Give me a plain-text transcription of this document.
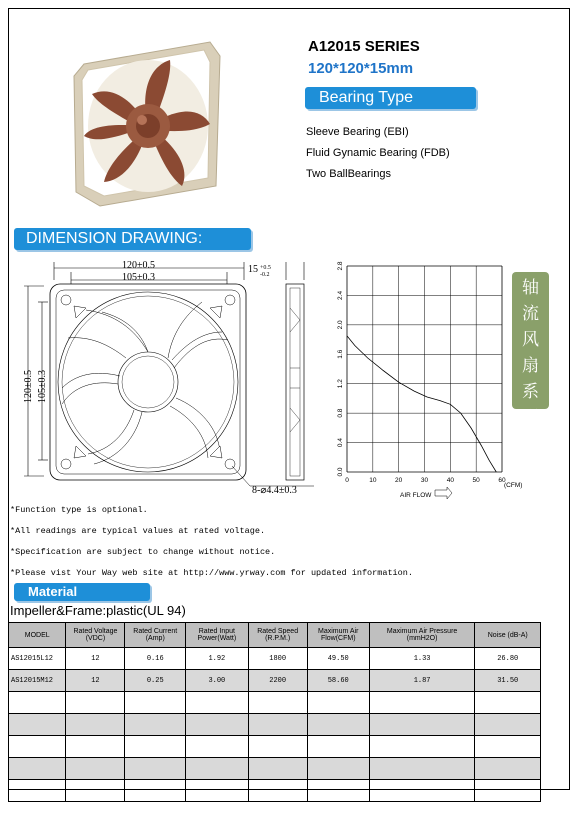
A12015 SERIES
120*120*15mm
Bearing Type
Sleeve Bearing (EBI)
Fluid Gynamic Bearing (FDB)
Two BallBearings
DIMENSION DRAWING:
120±0.5
105±0.3
120±0.5 105±0.3
8-⌀4.4±0.3
15 +0.5
-0.2
0	10	20	30	40	50	60
0.0
0.4
0.8
1.2
1.6
2.0
2.4
2.8
AIR FLOW
(CFM)
轴
流
风
扇
系
列
*Function type is optional.
*All readings are typical values at rated voltage.
*Specification are subject to change without notice.
*Please vist Your Way web site at http://www.yrway.com for updated information.
Material
Impeller&Frame:plastic(UL 94)
MODEL	Rated Voltage (VDC)	Rated Current (Amp)	Rated Input Power(Watt)	Rated Speed (R.P.M.)	Maximum Air Flow(CFM)	Maximum Air Pressure (mmH2O)	Noise (dB-A)
AS12015L12	12	0.16	1.92	1800	49.50	1.33	26.80
AS12015M12	12	0.25	3.00	2200	58.60	1.87	31.50
